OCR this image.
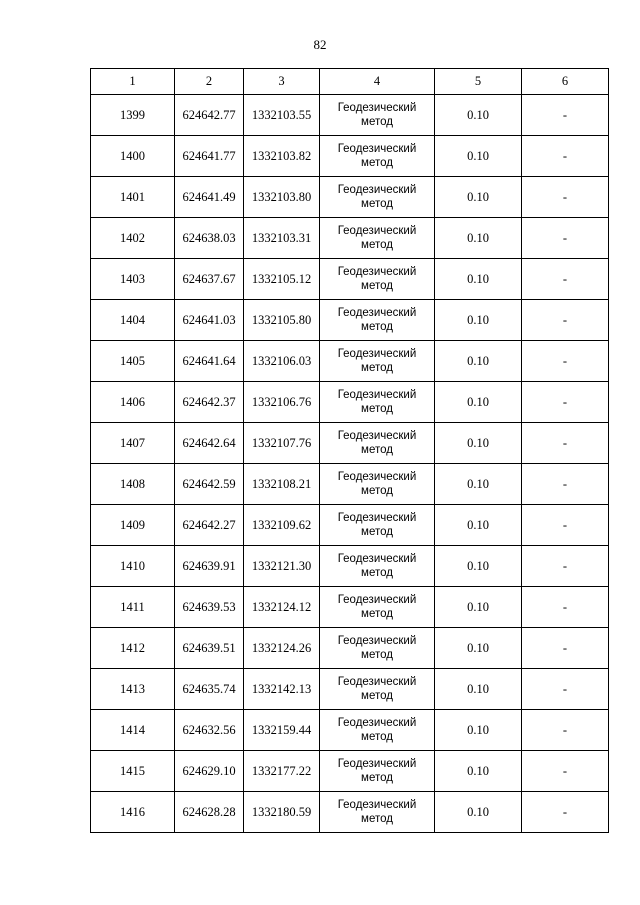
82
1	2	3	4	5	6
1399	624642.77	1332103.55	Геодезический
метод	0.10	-
1400	624641.77	1332103.82	Геодезический
метод	0.10	-
1401	624641.49	1332103.80	Геодезический
метод	0.10	-
1402	624638.03	1332103.31	Геодезический
метод	0.10	-
1403	624637.67	1332105.12	Геодезический
метод	0.10	-
1404	624641.03	1332105.80	Геодезический
метод	0.10	-
1405	624641.64	1332106.03	Геодезический
метод	0.10	-
1406	624642.37	1332106.76	Геодезический
метод	0.10	-
1407	624642.64	1332107.76	Геодезический
метод	0.10	-
1408	624642.59	1332108.21	Геодезический
метод	0.10	-
1409	624642.27	1332109.62	Геодезический
метод	0.10	-
1410	624639.91	1332121.30	Геодезический
метод	0.10	-
1411	624639.53	1332124.12	Геодезический
метод	0.10	-
1412	624639.51	1332124.26	Геодезический
метод	0.10	-
1413	624635.74	1332142.13	Геодезический
метод	0.10	-
1414	624632.56	1332159.44	Геодезический
метод	0.10	-
1415	624629.10	1332177.22	Геодезический
метод	0.10	-
1416	624628.28	1332180.59	Геодезический
метод	0.10	-
